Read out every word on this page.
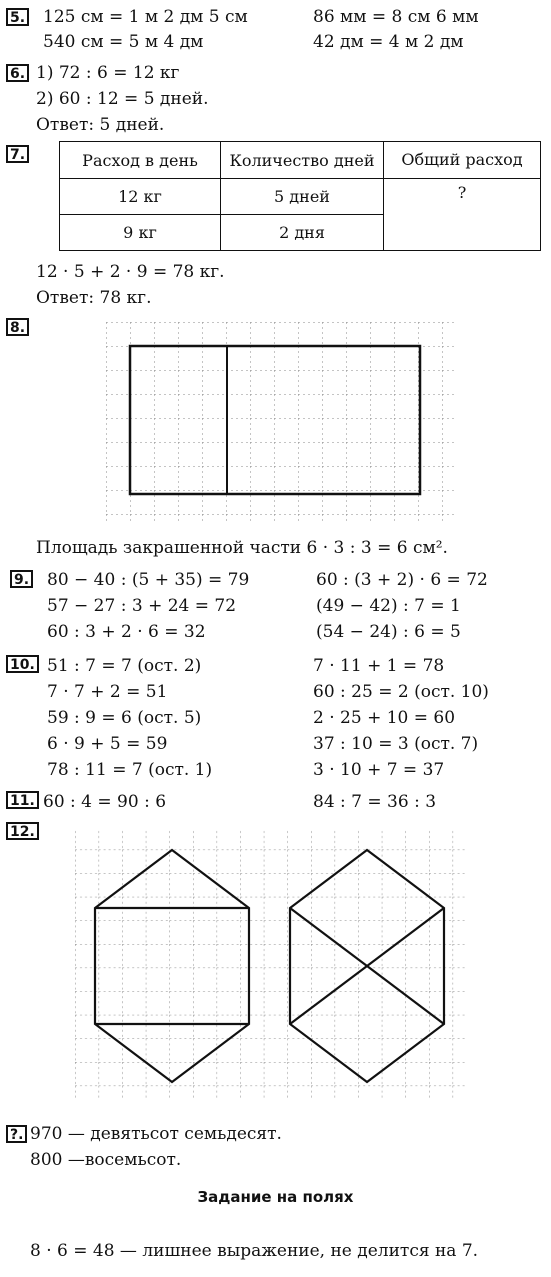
5. 125 см = 1 м 2 дм 5 см
540 см = 5 м 4 дм
86 мм = 8 см 6 мм
42 дм = 4 м 2 дм
6. 1) 72 : 6 = 12 кг
2) 60 : 12 = 5 дней.
Ответ: 5 дней.
7.	Расход в день	Количество дней	Общий расход
12 кг	5 дней	?
9 кг	2 дня	
12 · 5 + 2 · 9 = 78 кг.
Ответ: 78 кг.
8.
Площадь закрашенной части 6 · 3 : 3 = 6 см².
9. 80 − 40 : (5 + 35) = 79
57 − 27 : 3 + 24 = 72
60 : 3 + 2 · 6 = 32
60 : (3 + 2) · 6 = 72
(49 − 42) : 7 = 1
(54 − 24) : 6 = 5
10. 51 : 7 = 7 (ост. 2)
7 · 7 + 2 = 51
59 : 9 = 6 (ост. 5)
6 · 9 + 5 = 59
78 : 11 = 7 (ост. 1)
7 · 11 + 1 = 78
60 : 25 = 2 (ост. 10)
2 · 25 + 10 = 60
37 : 10 = 3 (ост. 7)
3 · 10 + 7 = 37
11. 60 : 4 = 90 : 6	84 : 7 = 36 : 3
12.
?. 970 — девятьсот семьдесят.
800 —восемьсот.
Задание на полях
8 · 6 = 48 — лишнее выражение, не делится на 7.
